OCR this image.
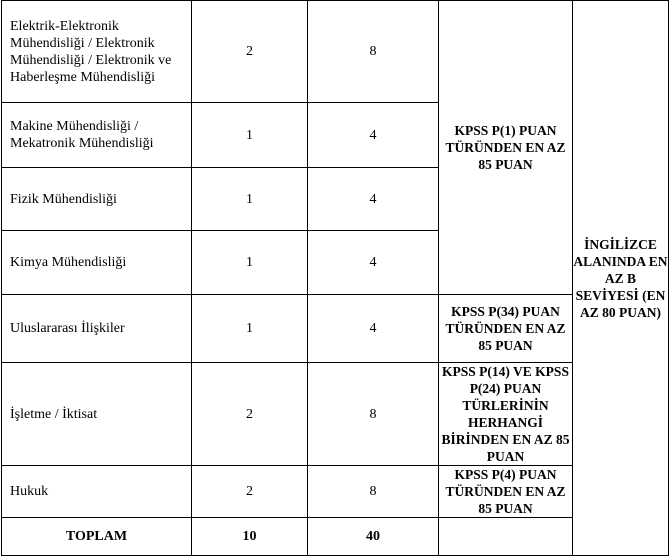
Elektrik-Elektronik Mühendisliği / Elektronik Mühendisliği / Elektronik ve Haberleşme Mühendisliği	2	8	KPSS P(1) PUAN TÜRÜNDEN EN AZ 85 PUAN	İNGİLİZCE ALANINDA EN AZ B SEVİYESİ (EN AZ 80 PUAN)
Makine Mühendisliği / Mekatronik Mühendisliği	1	4		
Fizik Mühendisliği	1	4		
Kimya Mühendisliği	1	4		
Uluslararası İlişkiler	1	4	KPSS P(34) PUAN TÜRÜNDEN EN AZ 85 PUAN	
İşletme / İktisat	2	8	KPSS P(14) VE KPSS P(24) PUAN TÜRLERİNİN HERHANGİ BİRİNDEN EN AZ 85 PUAN	
Hukuk	2	8	KPSS P(4) PUAN TÜRÜNDEN EN AZ 85 PUAN	
TOPLAM	10	40		
